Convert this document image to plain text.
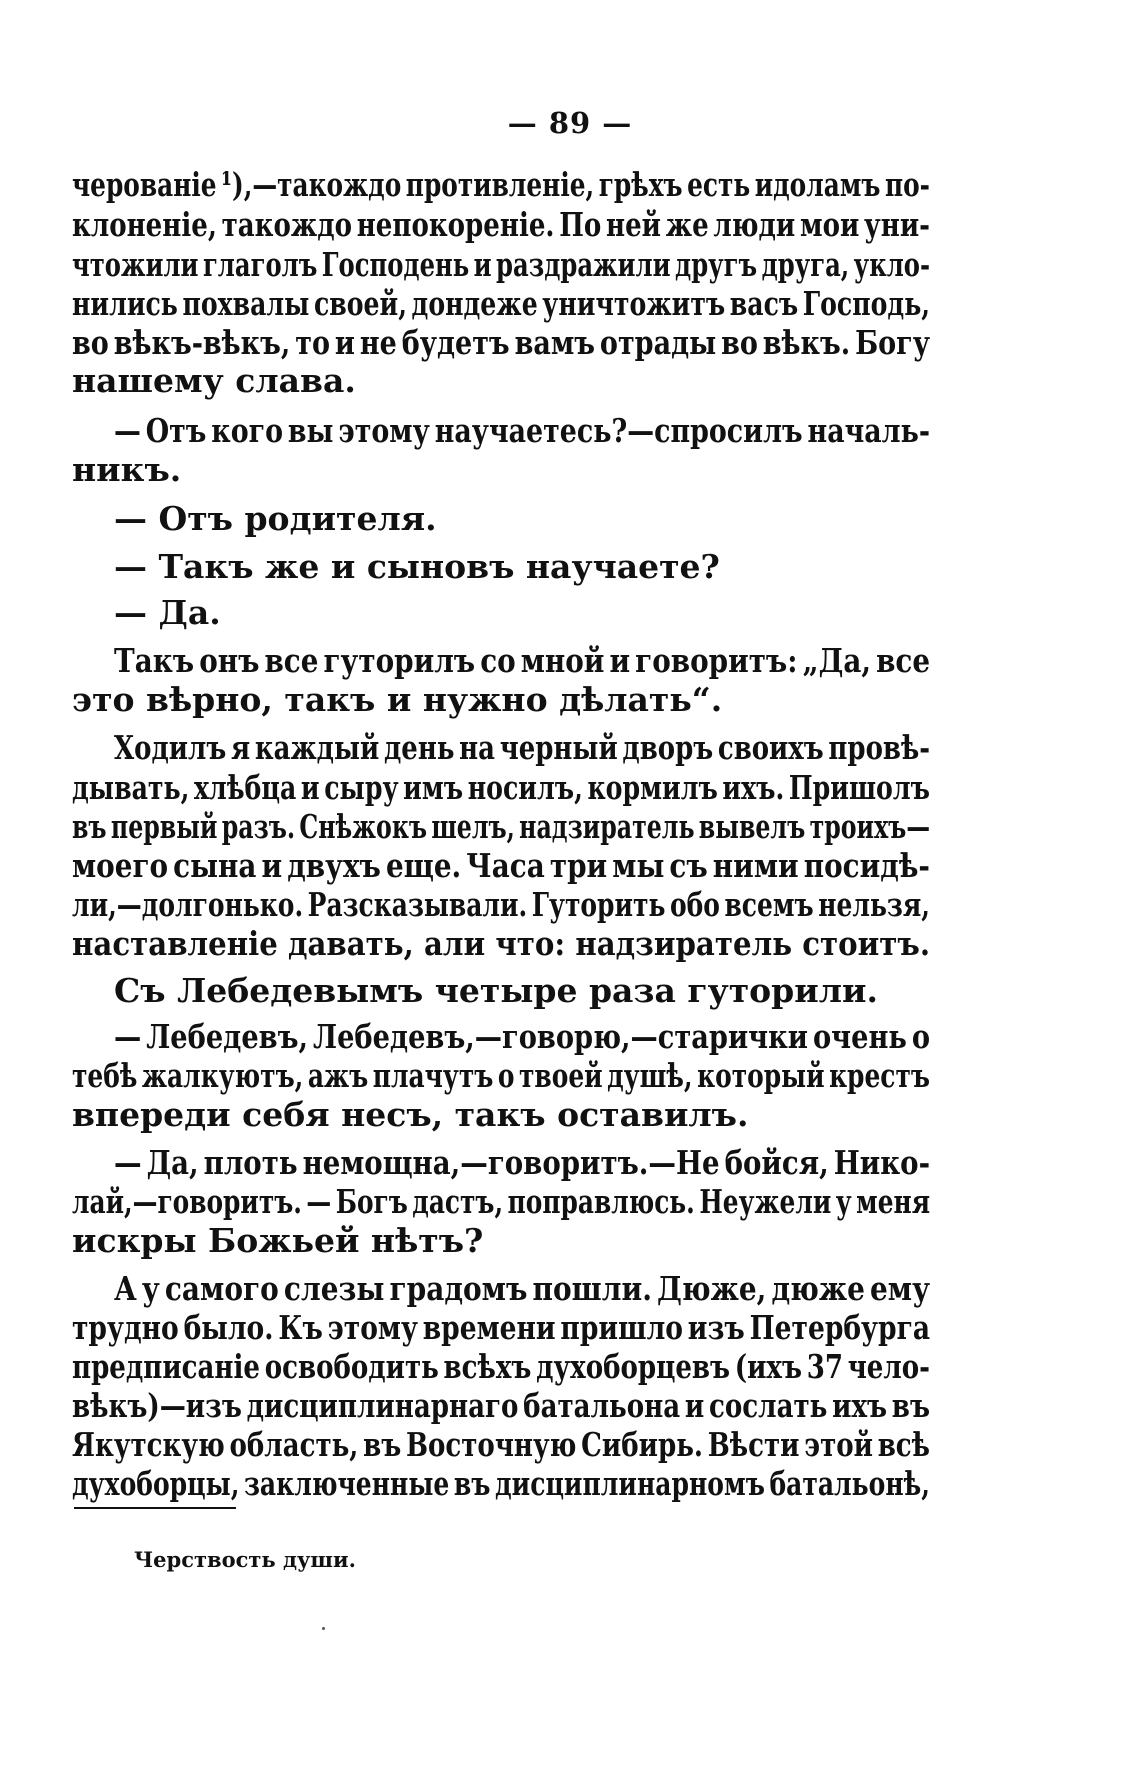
— 89 —
черованіе ¹),—такождо противленіе, грѣхъ есть идоламъ по-
клоненіе, такождо непокореніе. По ней же люди мои уни-
чтожили глаголъ Господень и раздражили другъ друга, укло-
нились похвалы своей, дондеже уничтожитъ васъ Господь,
во вѣкъ-вѣкъ, то и не будетъ вамъ отрады во вѣкъ. Богу
нашему слава.
— Отъ кого вы этому научаетесь?—спросилъ началь-
никъ.
— Отъ родителя.
— Такъ же и сыновъ научаете?
— Да.
Такъ онъ все гуторилъ со мной и говоритъ: „Да, все
это вѣрно, такъ и нужно дѣлать“.
Ходилъ я каждый день на черный дворъ своихъ провѣ-
дывать, хлѣбца и сыру имъ носилъ, кормилъ ихъ. Пришолъ
въ первый разъ. Снѣжокъ шелъ, надзиратель вывелъ троихъ—
моего сына и двухъ еще. Часа три мы съ ними посидѣ-
ли,—долгонько. Разсказывали. Гуторить обо всемъ нельзя,
наставленіе давать, али что: надзиратель стоитъ.
Съ Лебедевымъ четыре раза гуторили.
— Лебедевъ, Лебедевъ,—говорю,—старички очень о
тебѣ жалкуютъ, ажъ плачутъ о твоей душѣ, который крестъ
впереди себя несъ, такъ оставилъ.
— Да, плоть немощна,—говоритъ.—Не бойся, Нико-
лай,—говоритъ. — Богъ дастъ, поправлюсь. Неужели у меня
искры Божьей нѣтъ?
А у самого слезы градомъ пошли. Дюже, дюже ему
трудно было. Къ этому времени пришло изъ Петербурга
предписаніе освободить всѣхъ духоборцевъ (ихъ 37 чело-
вѣкъ)—изъ дисциплинарнаго батальона и сослать ихъ въ
Якутскую область, въ Восточную Сибирь. Вѣсти этой всѣ
духоборцы, заключенные въ дисциплинарномъ батальонѣ,
Черствость души.
